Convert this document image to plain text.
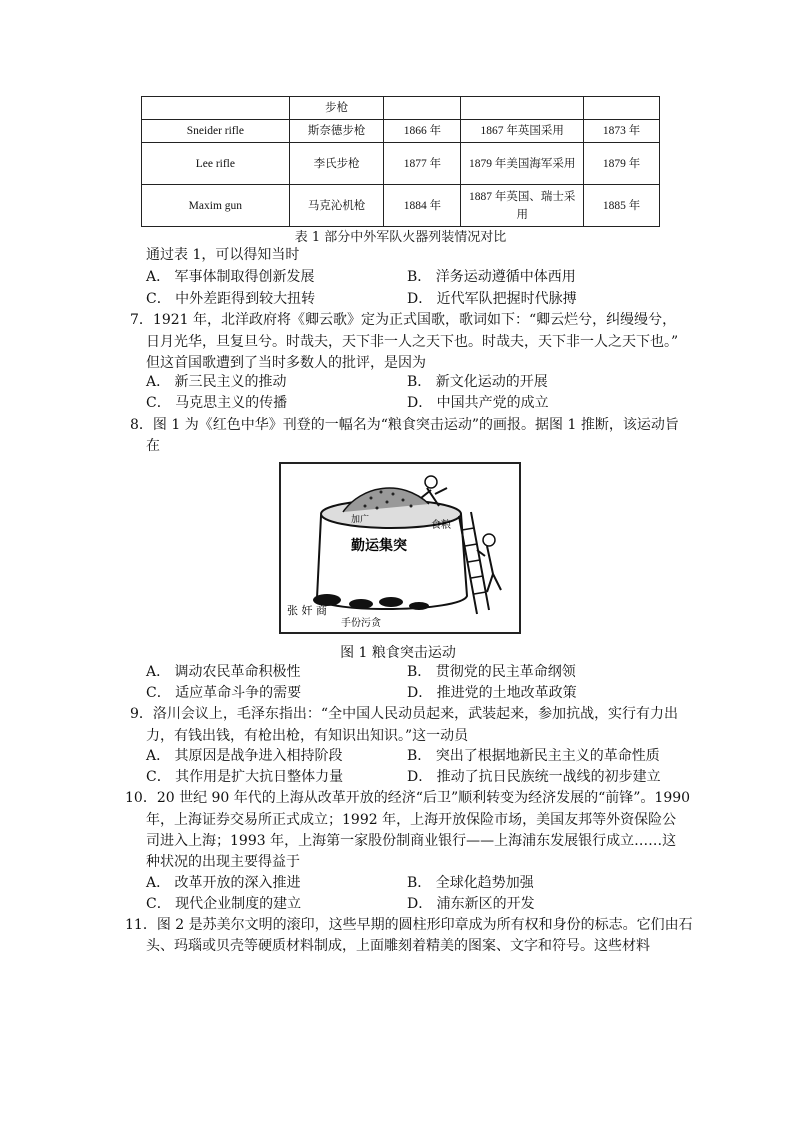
	步枪			
Sneider rifle	斯奈德步枪	1866 年	1867 年英国采用	1873 年
Lee rifle	李氏步枪	1877 年	1879 年美国海军采用	1879 年
Maxim gun	马克沁机枪	1884 年	1887 年英国、瑞士采用	1885 年
表 1 部分中外军队火器列装情况对比
通过表 1，可以得知当时
A． 军事体制取得创新发展	B． 洋务运动遵循中体西用
C． 中外差距得到较大扭转	D． 近代军队把握时代脉搏
7．1921 年，北洋政府将《卿云歌》定为正式国歌，歌词如下：“卿云烂兮，纠缦缦兮，
日月光华，旦复旦兮。时哉夫，天下非一人之天下也。时哉夫，天下非一人之天下也。”
但这首国歌遭到了当时多数人的批评，是因为
A． 新三民主义的推动	B． 新文化运动的开展
C． 马克思主义的传播	D． 中国共产党的成立
8．图 1 为《红色中华》刊登的一幅名为“粮食突击运动”的画报。据图 1 推断，该运动旨
在
加广	食粮
勤运集突
张 奸 商
手份污贪
图 1 粮食突击运动
A． 调动农民革命积极性	B． 贯彻党的民主革命纲领
C． 适应革命斗争的需要	D． 推进党的土地改革政策
9．洛川会议上，毛泽东指出：“全中国人民动员起来，武装起来，参加抗战，实行有力出
力，有钱出钱，有枪出枪，有知识出知识。”这一动员
A． 其原因是战争进入相持阶段	B． 突出了根据地新民主主义的革命性质
C． 其作用是扩大抗日整体力量	D． 推动了抗日民族统一战线的初步建立
10．20 世纪 90 年代的上海从改革开放的经济“后卫”顺利转变为经济发展的“前锋”。1990
年，上海证券交易所正式成立；1992 年，上海开放保险市场，美国友邦等外资保险公
司进入上海；1993 年，上海第一家股份制商业银行——上海浦东发展银行成立……这
种状况的出现主要得益于
A． 改革开放的深入推进	B． 全球化趋势加强
C． 现代企业制度的建立	D． 浦东新区的开发
11．图 2 是苏美尔文明的滚印，这些早期的圆柱形印章成为所有权和身份的标志。它们由石
头、玛瑙或贝壳等硬质材料制成，上面雕刻着精美的图案、文字和符号。这些材料
